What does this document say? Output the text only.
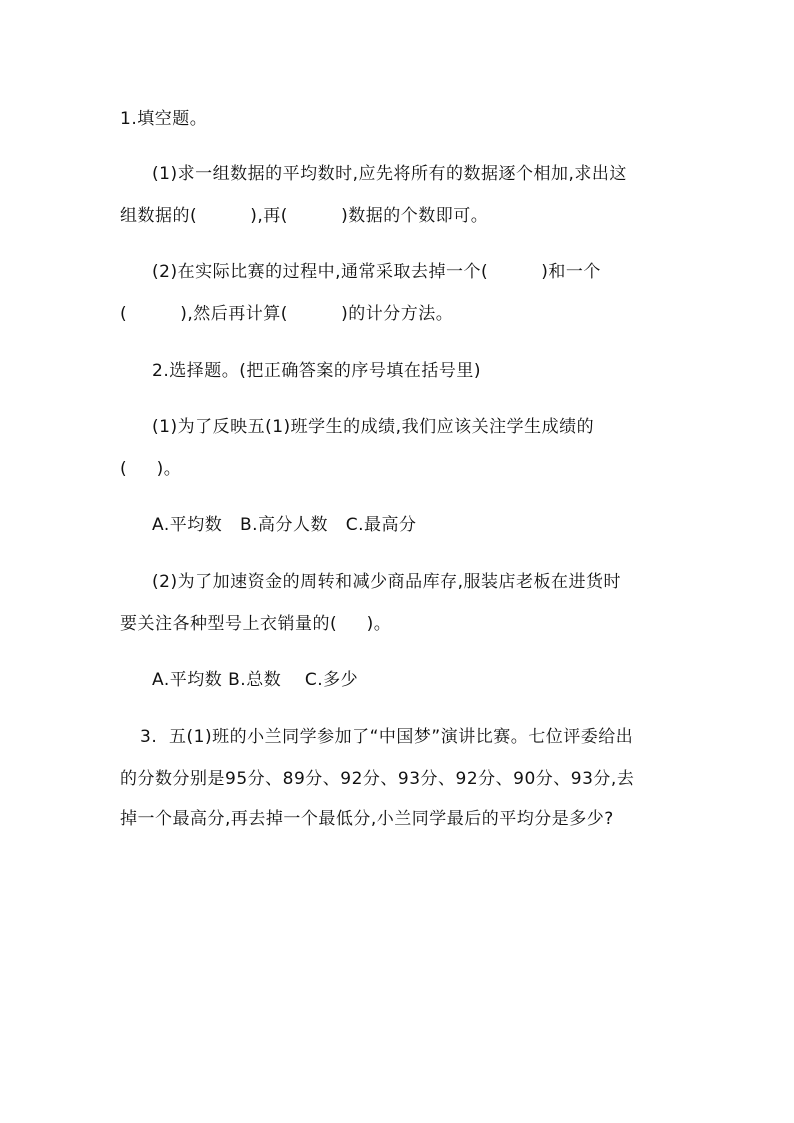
1.填空题。
(1)求一组数据的平均数时,应先将所有的数据逐个相加,求出这
组数据的(         ),再(         )数据的个数即可。
(2)在实际比赛的过程中,通常采取去掉一个(         )和一个
(         ),然后再计算(         )的计分方法。
2.选择题。(把正确答案的序号填在括号里)
(1)为了反映五(1)班学生的成绩,我们应该关注学生成绩的
(     )。
A.平均数   B.高分人数   C.最高分
(2)为了加速资金的周转和减少商品库存,服装店老板在进货时
要关注各种型号上衣销量的(     )。
A.平均数 B.总数    C.多少
3.  五(1)班的小兰同学参加了“中国梦”演讲比赛。七位评委给出
的分数分别是95分、89分、92分、93分、92分、90分、93分,去
掉一个最高分,再去掉一个最低分,小兰同学最后的平均分是多少?
